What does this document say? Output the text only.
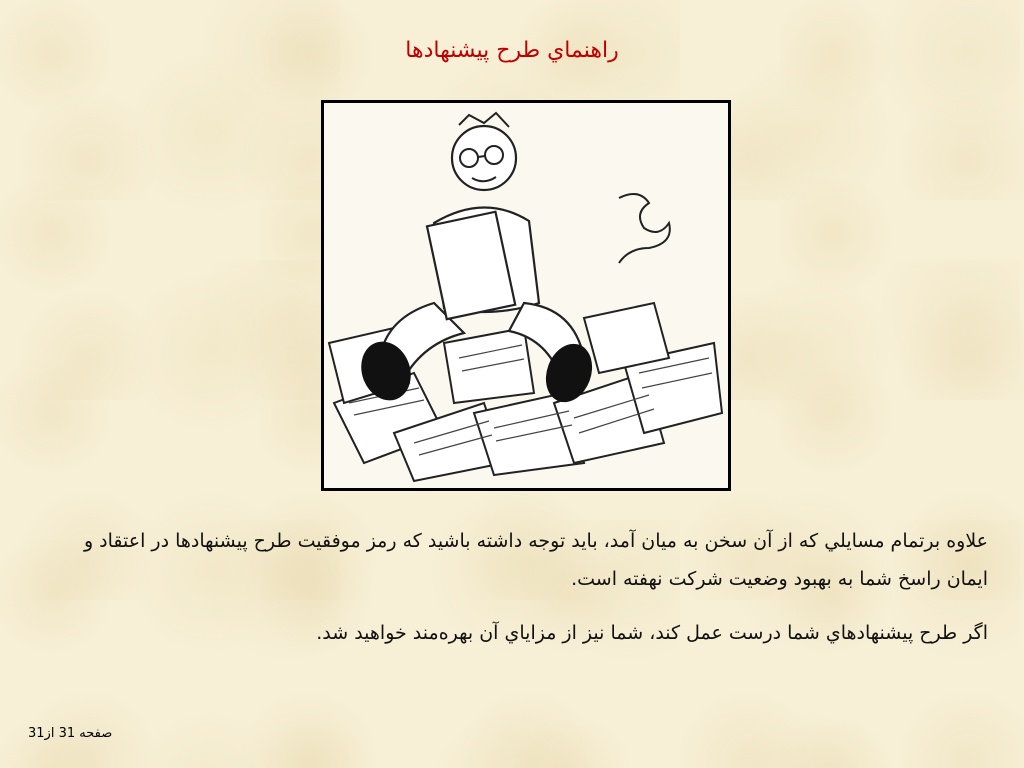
راهنماي طرح پيشنهادها

علاوه برتمام مسايلي كه از آن سخن به ميان آمد، بايد توجه داشته باشيد كه رمز موفقيت طرح پيشنهادها در اعتقاد و ايمان راسخ شما به بهبود وضعيت شركت نهفته است.

اگر طرح پيشنهادهاي شما درست عمل كند، شما نيز از مزاياي آن بهره‌مند خواهيد شد.

صفحه 31 از31
